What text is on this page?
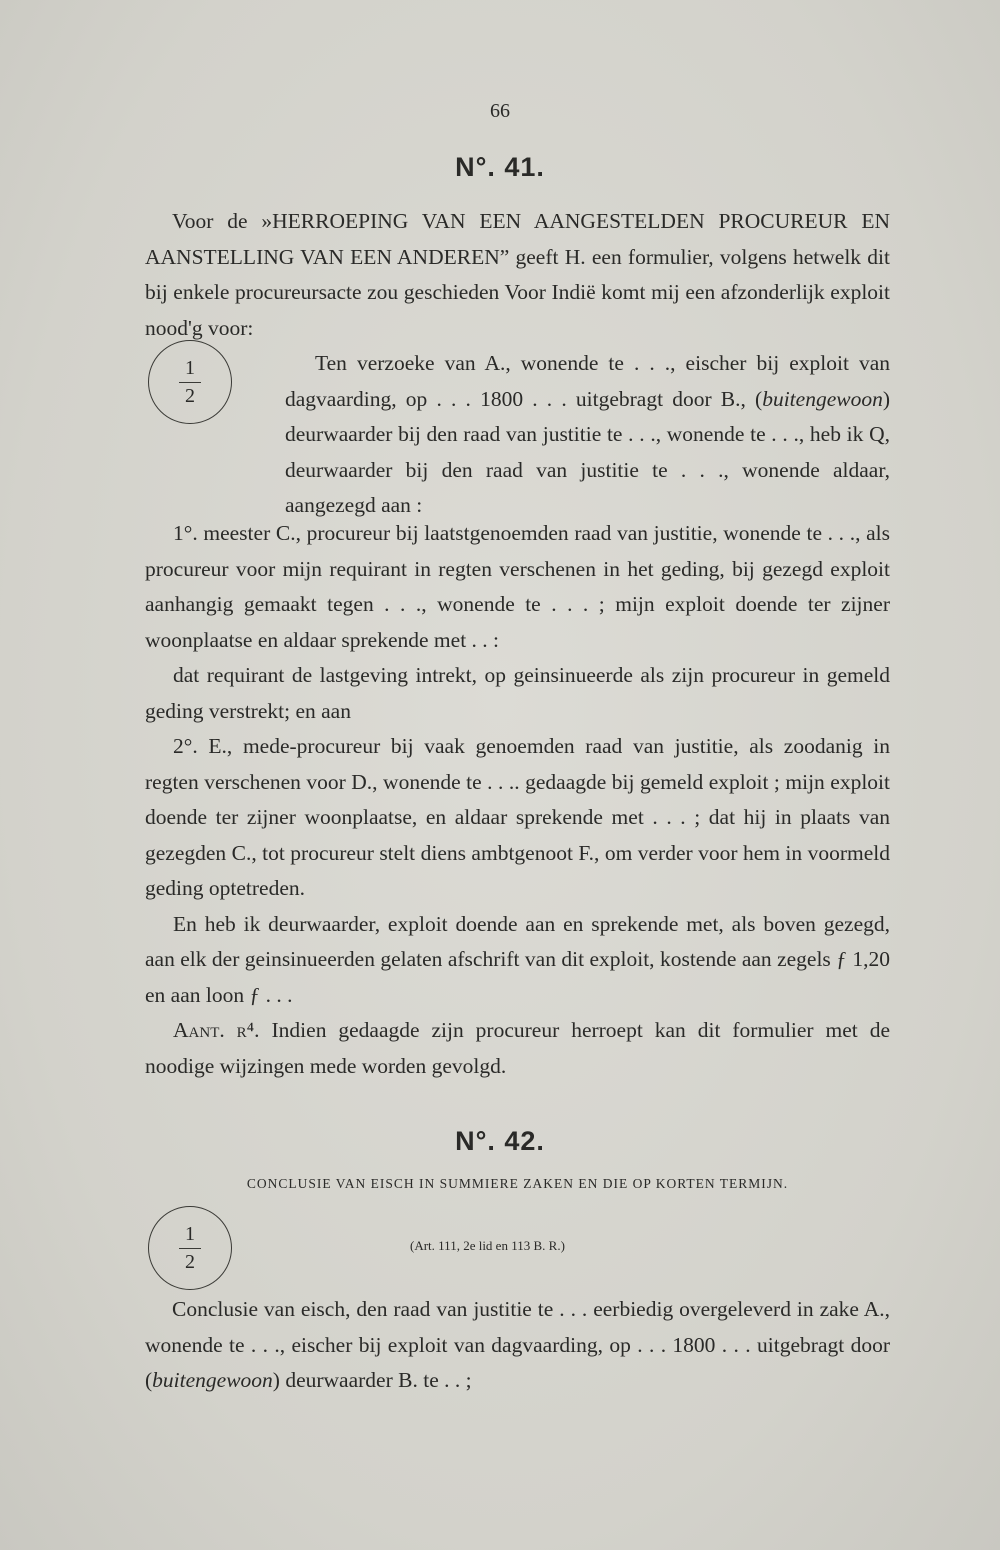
66
N°. 41.

Voor de »HERROEPING VAN EEN AANGESTELDEN PROCUREUR EN AANSTELLING VAN EEN ANDEREN” geeft H. een formulier, volgens hetwelk dit bij enkele procureursacte zou geschieden Voor Indië komt mij een afzonderlijk exploit nood'g voor:

1
2

Ten verzoeke van A., wonende te . . ., eischer bij exploit van dagvaarding, op . . . 1800 . . . uitgebragt door B., (buitengewoon) deurwaarder bij den raad van justitie te . . ., wonende te . . ., heb ik Q, deurwaarder bij den raad van justitie te . . ., wonende aldaar, aangezegd aan :

1°. meester C., procureur bij laatstgenoemden raad van justitie, wonende te . . ., als procureur voor mijn requirant in regten verschenen in het geding, bij gezegd exploit aanhangig gemaakt tegen . . ., wonende te . . . ; mijn exploit doende ter zijner woonplaatse en aldaar sprekende met . . :

dat requirant de lastgeving intrekt, op geinsinueerde als zijn procureur in gemeld geding verstrekt; en aan

2°. E., mede-procureur bij vaak genoemden raad van justitie, als zoodanig in regten verschenen voor D., wonende te . . .. gedaagde bij gemeld exploit ; mijn exploit doende ter zijner woonplaatse, en aldaar sprekende met . . . ; dat hij in plaats van gezegden C., tot procureur stelt diens ambtgenoot F., om verder voor hem in voormeld geding optetreden.

En heb ik deurwaarder, exploit doende aan en sprekende met, als boven gezegd, aan elk der geinsinueerden gelaten afschrift van dit exploit, kostende aan zegels ƒ 1,20 en aan loon ƒ . . .

Aant. r⁴. Indien gedaagde zijn procureur herroept kan dit formulier met de noodige wijzingen mede worden gevolgd.

N°. 42.
CONCLUSIE VAN EISCH IN SUMMIERE ZAKEN EN DIE OP KORTEN TERMIJN.
1
2
(Art. 111, 2e lid en 113 B. R.)

Conclusie van eisch, den raad van justitie te . . . eerbiedig overgeleverd in zake A., wonende te . . ., eischer bij exploit van dagvaarding, op . . . 1800 . . . uitgebragt door (buitengewoon) deurwaarder B. te . . ;
